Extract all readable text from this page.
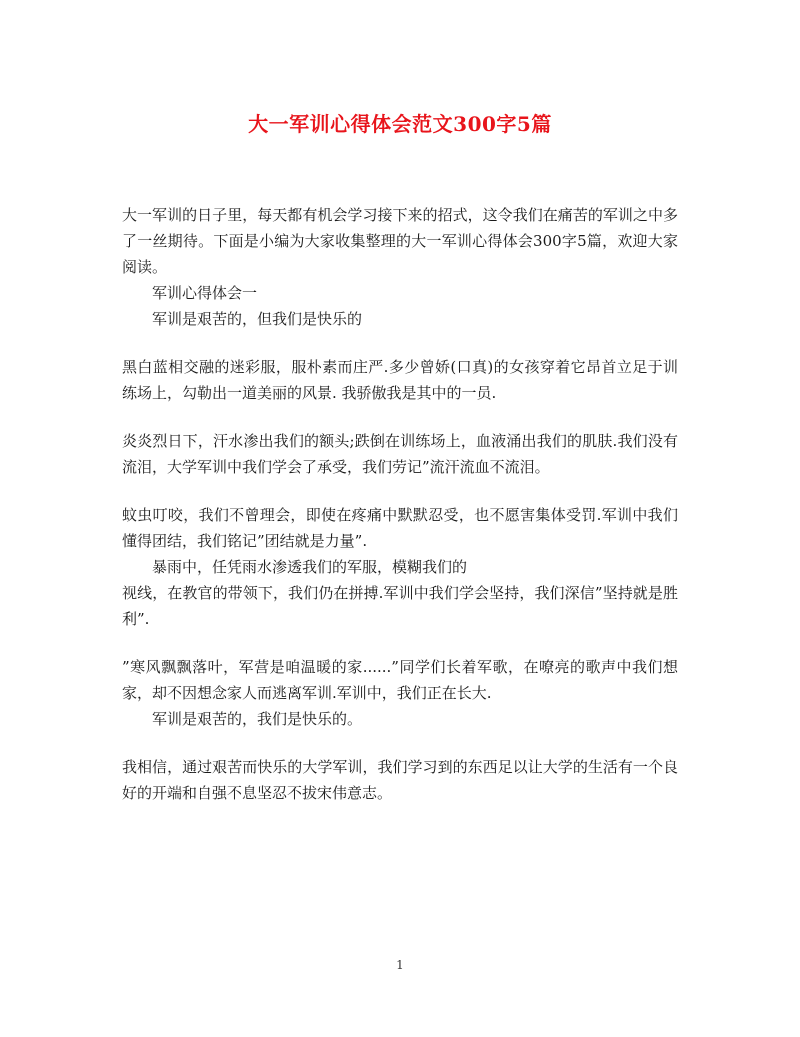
大一军训心得体会范文300字5篇

大一军训的日子里，每天都有机会学习接下来的招式，这令我们在痛苦的军训之中多了一丝期待。下面是小编为大家收集整理的大一军训心得体会300字5篇，欢迎大家阅读。

军训心得体会一

军训是艰苦的，但我们是快乐的

黑白蓝相交融的迷彩服，服朴素而庄严.多少曾娇(口真)的女孩穿着它昂首立足于训练场上，勾勒出一道美丽的风景. 我骄傲我是其中的一员.

炎炎烈日下，汗水渗出我们的额头;跌倒在训练场上，血液涌出我们的肌肤.我们没有流泪，大学军训中我们学会了承受，我们劳记”流汗流血不流泪。

蚊虫叮咬，我们不曾理会，即使在疼痛中默默忍受，也不愿害集体受罚.军训中我们懂得团结，我们铭记”团结就是力量”.

暴雨中，任凭雨水渗透我们的军服，模糊我们的

视线，在教官的带领下，我们仍在拼搏.军训中我们学会坚持，我们深信”坚持就是胜利”.

”寒风飘飘落叶，军营是咱温暖的家......”同学们长着军歌，在嘹亮的歌声中我们想家，却不因想念家人而逃离军训.军训中，我们正在长大.

军训是艰苦的，我们是快乐的。

我相信，通过艰苦而快乐的大学军训，我们学习到的东西足以让大学的生活有一个良好的开端和自强不息坚忍不拔宋伟意志。

1
